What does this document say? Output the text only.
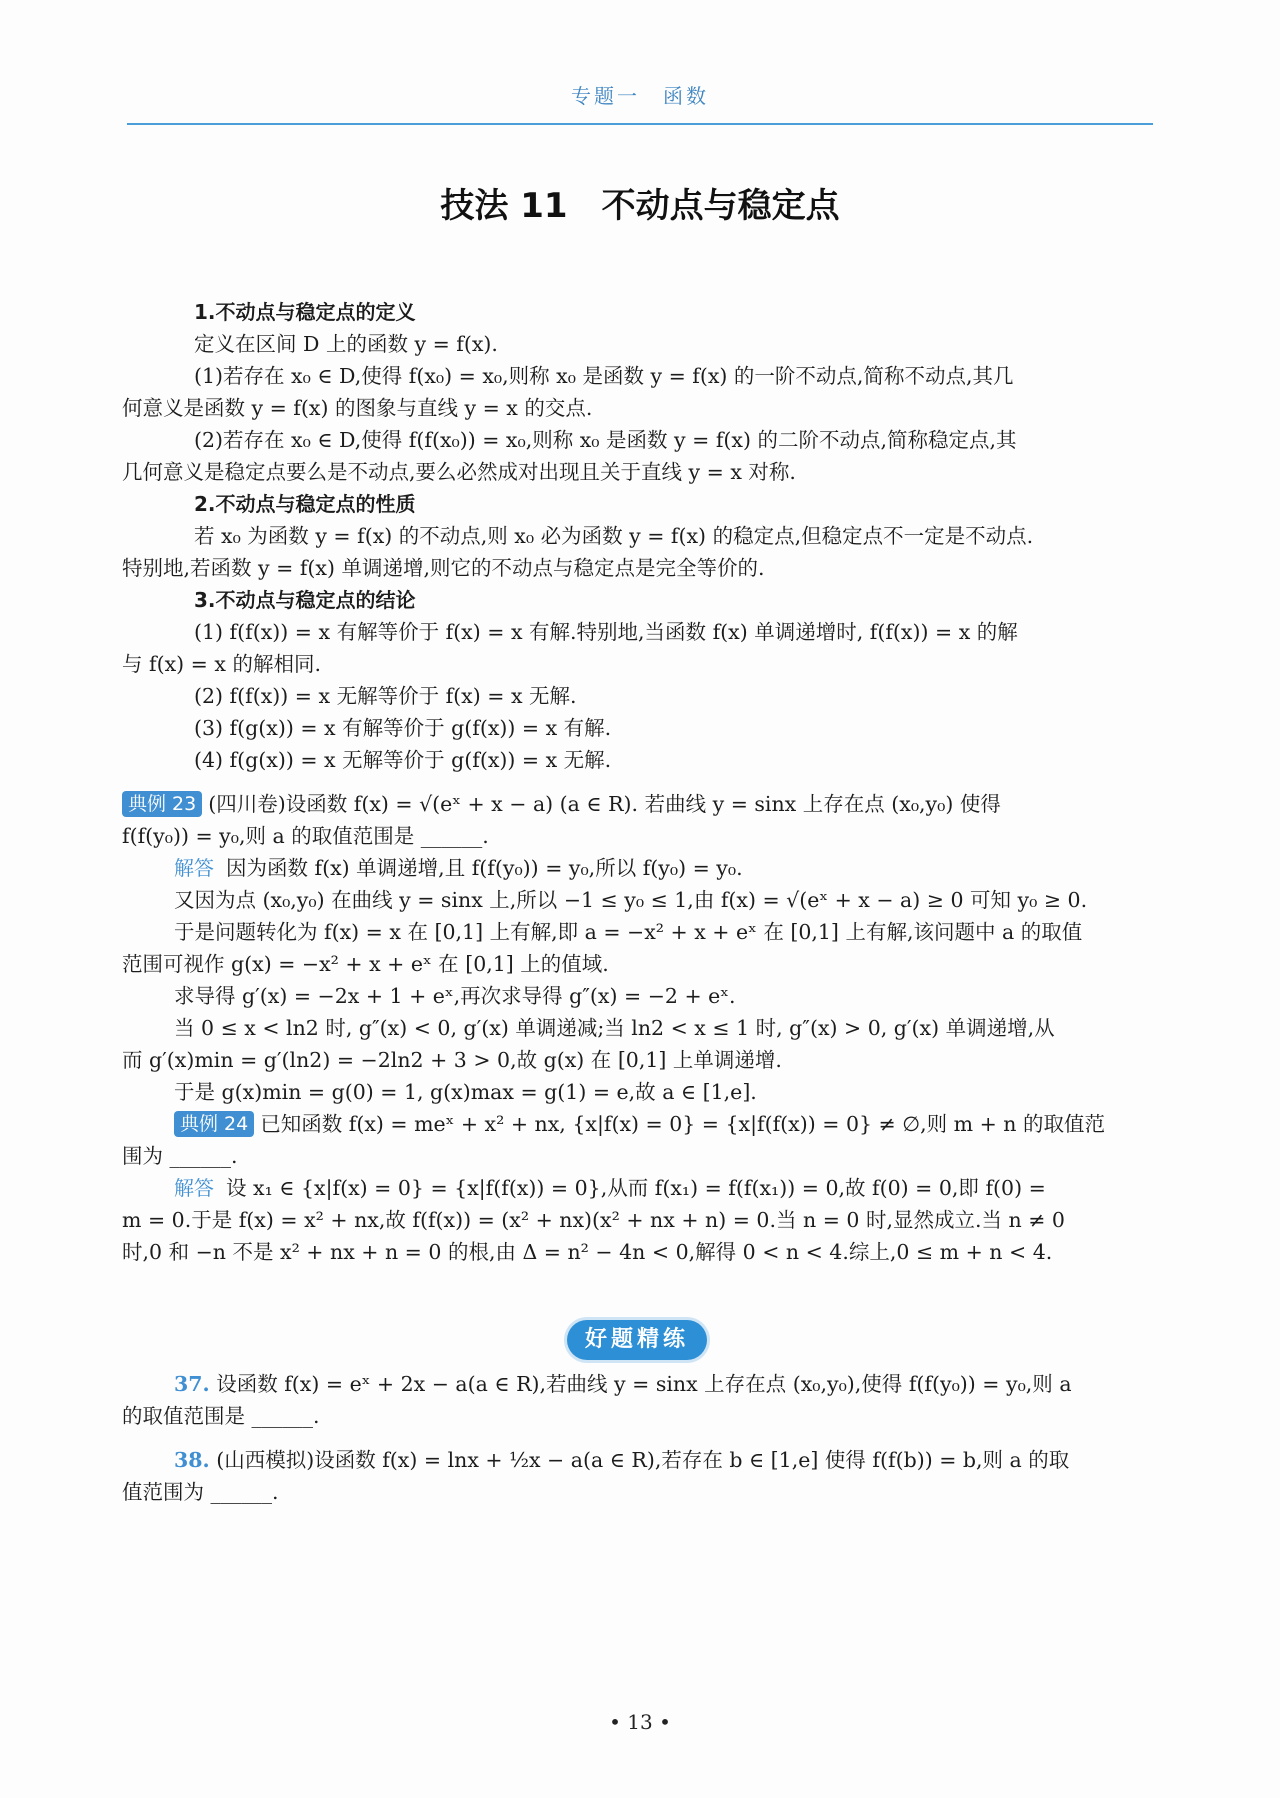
专题一　函数
技法 11　不动点与稳定点

1.不动点与稳定点的定义

定义在区间 D 上的函数 y = f(x).

(1)若存在 x₀ ∈ D,使得 f(x₀) = x₀,则称 x₀ 是函数 y = f(x) 的一阶不动点,简称不动点,其几

何意义是函数 y = f(x) 的图象与直线 y = x 的交点.

(2)若存在 x₀ ∈ D,使得 f(f(x₀)) = x₀,则称 x₀ 是函数 y = f(x) 的二阶不动点,简称稳定点,其

几何意义是稳定点要么是不动点,要么必然成对出现且关于直线 y = x 对称.

2.不动点与稳定点的性质

若 x₀ 为函数 y = f(x) 的不动点,则 x₀ 必为函数 y = f(x) 的稳定点,但稳定点不一定是不动点.

特别地,若函数 y = f(x) 单调递增,则它的不动点与稳定点是完全等价的.

3.不动点与稳定点的结论

(1) f(f(x)) = x 有解等价于 f(x) = x 有解.特别地,当函数 f(x) 单调递增时, f(f(x)) = x 的解

与 f(x) = x 的解相同.

(2) f(f(x)) = x 无解等价于 f(x) = x 无解.

(3) f(g(x)) = x 有解等价于 g(f(x)) = x 有解.

(4) f(g(x)) = x 无解等价于 g(f(x)) = x 无解.

典例 23 (四川卷)设函数 f(x) = √(eˣ + x − a) (a ∈ R). 若曲线 y = sinx 上存在点 (x₀,y₀) 使得

f(f(y₀)) = y₀,则 a 的取值范围是 ______.

解答 因为函数 f(x) 单调递增,且 f(f(y₀)) = y₀,所以 f(y₀) = y₀.

又因为点 (x₀,y₀) 在曲线 y = sinx 上,所以 −1 ≤ y₀ ≤ 1,由 f(x) = √(eˣ + x − a) ≥ 0 可知 y₀ ≥ 0.

于是问题转化为 f(x) = x 在 [0,1] 上有解,即 a = −x² + x + eˣ 在 [0,1] 上有解,该问题中 a 的取值

范围可视作 g(x) = −x² + x + eˣ 在 [0,1] 上的值域.

求导得 g′(x) = −2x + 1 + eˣ,再次求导得 g″(x) = −2 + eˣ.

当 0 ≤ x < ln2 时, g″(x) < 0, g′(x) 单调递减;当 ln2 < x ≤ 1 时, g″(x) > 0, g′(x) 单调递增,从

而 g′(x)min = g′(ln2) = −2ln2 + 3 > 0,故 g(x) 在 [0,1] 上单调递增.

于是 g(x)min = g(0) = 1, g(x)max = g(1) = e,故 a ∈ [1,e].

典例 24 已知函数 f(x) = meˣ + x² + nx, {x|f(x) = 0} = {x|f(f(x)) = 0} ≠ ∅,则 m + n 的取值范

围为 ______.

解答 设 x₁ ∈ {x|f(x) = 0} = {x|f(f(x)) = 0},从而 f(x₁) = f(f(x₁)) = 0,故 f(0) = 0,即 f(0) =

m = 0.于是 f(x) = x² + nx,故 f(f(x)) = (x² + nx)(x² + nx + n) = 0.当 n = 0 时,显然成立.当 n ≠ 0

时,0 和 −n 不是 x² + nx + n = 0 的根,由 Δ = n² − 4n < 0,解得 0 < n < 4.综上,0 ≤ m + n < 4.

好题精练

37. 设函数 f(x) = eˣ + 2x − a(a ∈ R),若曲线 y = sinx 上存在点 (x₀,y₀),使得 f(f(y₀)) = y₀,则 a

的取值范围是 ______.

38. (山西模拟)设函数 f(x) = lnx + ½x − a(a ∈ R),若存在 b ∈ [1,e] 使得 f(f(b)) = b,则 a 的取

值范围为 ______.

• 13 •
